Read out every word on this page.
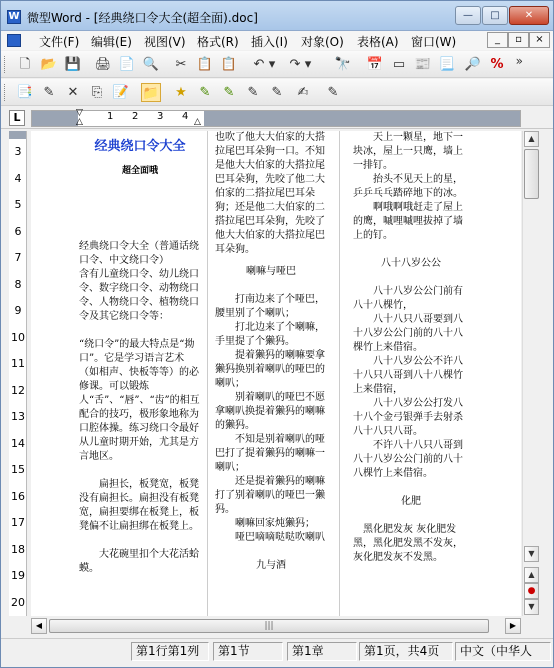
W 微型Word - [经典绕口令大全(超全面).doc]	—	□	✕
文件(F) 编辑(E) 视图(V) 格式(R) 插入(I) 对象(O) 表格(A) 窗口(W)	_	▫	×
🗋 📂 💾 🖨 📄 🔍	✂ 📋 📋	↶ ▾	↷ ▾ 🔭 📅 ▭ 📰 📃 🔎 % »
📑 ✎	✕	⎘ 📝 📁	★ ✎	✎	✎	✎	✍	✎
L	▽
△	△
1 2 3 4
3
4
5
6
7
8
9
10
11
12
13
14
15
16
17
18
19
20

经典绕口令大全

超全面哦

经典绕口令大全（普通话绕口令、中文绕口令）

含有儿童绕口令、幼儿绕口令、数字绕口令、动物绕口令、人物绕口令、植物绕口令及其它绕口令等：

“绕口令”的最大特点是“拗口”。它是学习语言艺术（如相声、快板等等）的必修课。可以锻炼人“舌”、“唇”、“齿”的相互配合的技巧，极形象地称为口腔体操。练习绕口令最好从儿童时期开始，尤其是方言地区。

　　扁担长，板凳宽，板凳没有扁担长。扁担没有板凳宽，扁担要绑在板凳上，板凳偏不让扁担绑在板凳上。

　　大花碗里扣个大花活蛤蟆。

也吹了他大大伯家的大搭拉尾巴耳朵狗一口。不知是他大大伯家的大搭拉尾巴耳朵狗，先咬了他二大伯家的二搭拉尾巴耳朵狗；还是他二大伯家的二搭拉尾巴耳朵狗，先咬了他大大伯家的大搭拉尾巴耳朵狗。

喇嘛与哑巴

　　打南边来了个哑巴，腰里别了个喇叭；

　　打北边来了个喇嘛，手里提了个獭犸。

　　提着獭犸的喇嘛要拿獭犸换别着喇叭的哑巴的喇叭；

　　别着喇叭的哑巴不愿拿喇叭换提着獭犸的喇嘛的獭犸。

　　不知是别着喇叭的哑巴打了提着獭犸的喇嘛一喇叭；

　　还是提着獭犸的喇嘛打了别着喇叭的哑巴一獭犸。

　　喇嘛回家炖獭犸；

　　哑巴嘀嘀哒哒吹喇叭

九与酒

　　天上一颗星，地下一块冰，屋上一只鹰，墙上一排钉。

　　抬头不见天上的星，乒乒乓乓踏碎地下的冰。

　　啊哦啊哦赶走了屋上的鹰，嘁哩嘁哩拔掉了墙上的钉。

八十八岁公公

　　八十八岁公公门前有八十八棵竹，

　　八十八只八哥要到八十八岁公公门前的八十八棵竹上来借宿。

　　八十八岁公公不许八十八只八哥到八十八棵竹上来借宿，

　　八十八岁公公打发八十八个金弓银弹手去射杀八十八只八哥。

　　不许八十八只八哥到八十八岁公公门前的八十八棵竹上来借宿。

化肥

　黑化肥发灰 灰化肥发黑，黑化肥发黑不发灰，灰化肥发灰不发黑。

▲
▼
▲
●
▼
◀	|||	▶
第1行第1列	第1节	第1章	第1页，共4页	中文（中华人
